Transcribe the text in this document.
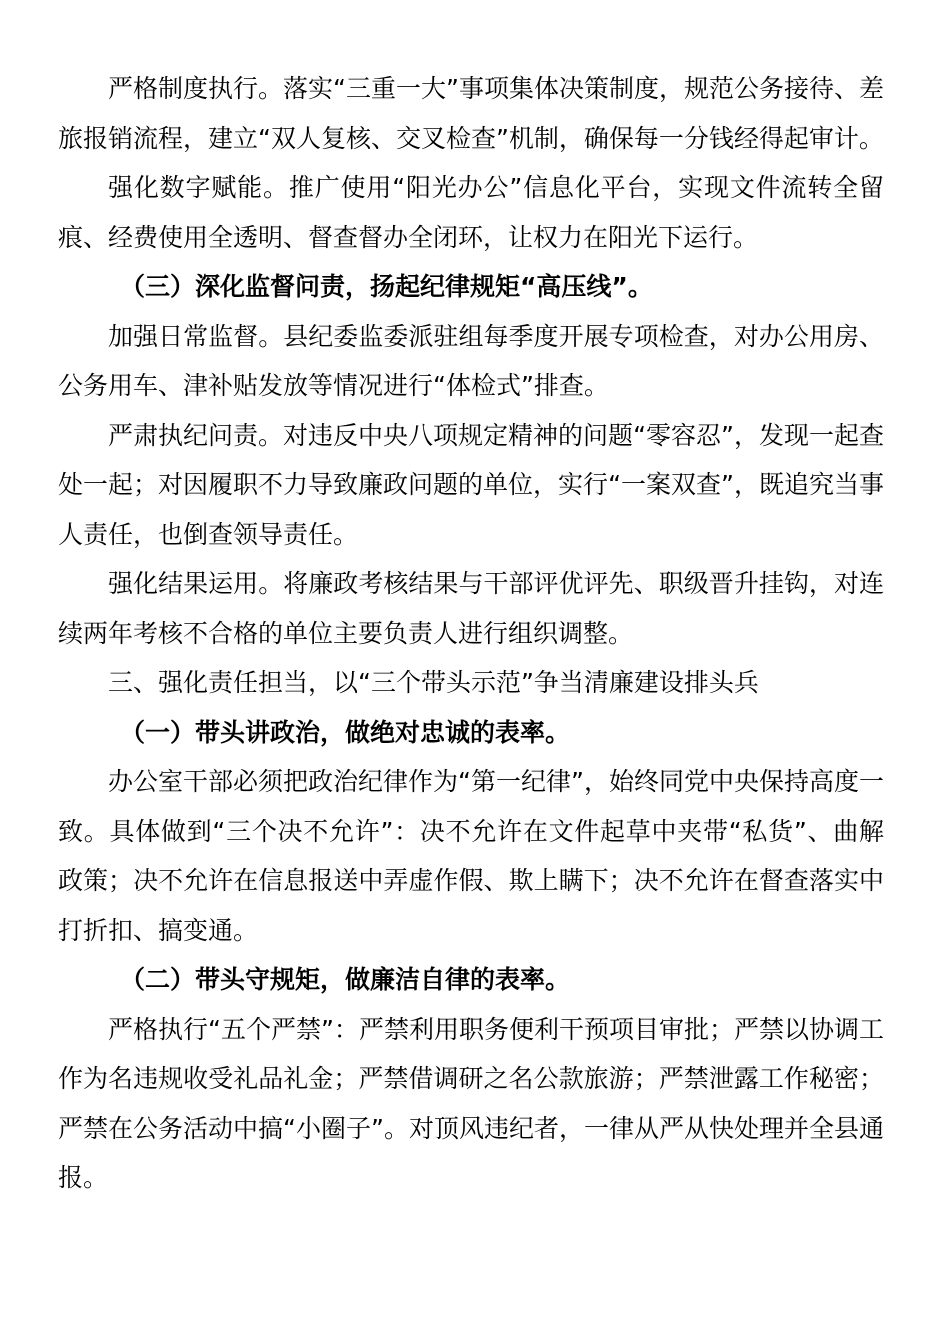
严格制度执行。落实“三重一大”事项集体决策制度，规范公务接待、差旅报销流程，建立“双人复核、交叉检查”机制，确保每一分钱经得起审计。

强化数字赋能。推广使用“阳光办公”信息化平台，实现文件流转全留痕、经费使用全透明、督查督办全闭环，让权力在阳光下运行。

（三）深化监督问责，扬起纪律规矩“高压线”。

加强日常监督。县纪委监委派驻组每季度开展专项检查，对办公用房、公务用车、津补贴发放等情况进行“体检式”排查。

严肃执纪问责。对违反中央八项规定精神的问题“零容忍”，发现一起查处一起；对因履职不力导致廉政问题的单位，实行“一案双查”，既追究当事人责任，也倒查领导责任。

强化结果运用。将廉政考核结果与干部评优评先、职级晋升挂钩，对连续两年考核不合格的单位主要负责人进行组织调整。

三、强化责任担当，以“三个带头示范”争当清廉建设排头兵

（一）带头讲政治，做绝对忠诚的表率。

办公室干部必须把政治纪律作为“第一纪律”，始终同党中央保持高度一致。具体做到“三个决不允许”：决不允许在文件起草中夹带“私货”、曲解政策；决不允许在信息报送中弄虚作假、欺上瞒下；决不允许在督查落实中打折扣、搞变通。

（二）带头守规矩，做廉洁自律的表率。

严格执行“五个严禁”：严禁利用职务便利干预项目审批；严禁以协调工作为名违规收受礼品礼金；严禁借调研之名公款旅游；严禁泄露工作秘密；严禁在公务活动中搞“小圈子”。对顶风违纪者，一律从严从快处理并全县通报。
